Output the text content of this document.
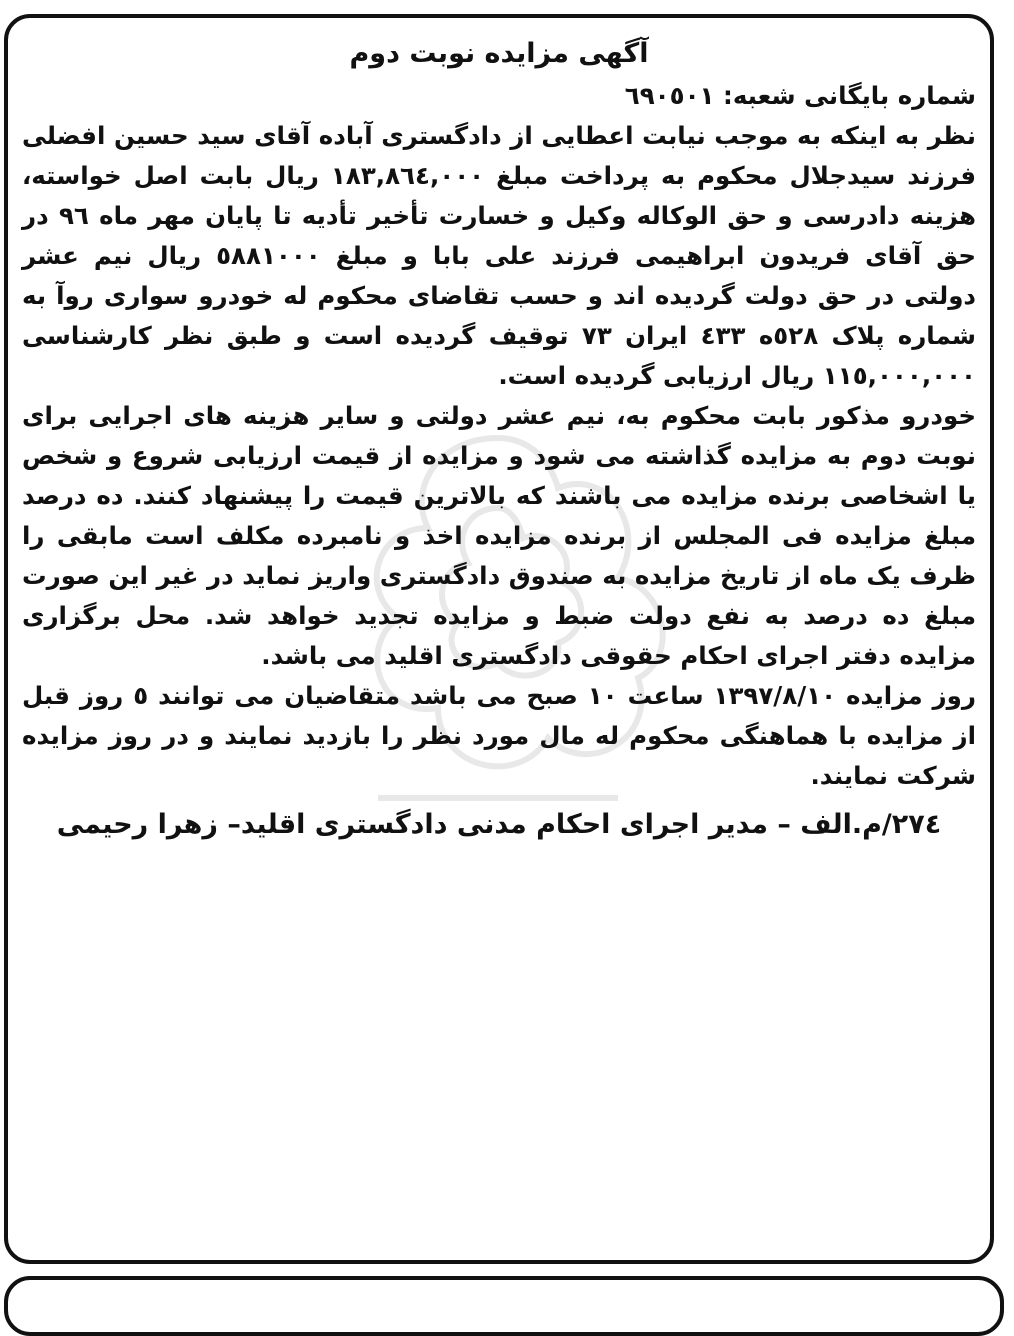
آگهی مزایده نوبت دوم

شماره بایگانی شعبه: ٦٩٠٥٠١

نظر به اینکه به موجب نیابت اعطایی از دادگستری آباده آقای سید حسین افضلی فرزند سیدجلال محکوم به پرداخت مبلغ ١٨٣,٨٦٤,٠٠٠ ریال بابت اصل خواسته، هزینه دادرسی و حق الوکاله وکیل و خسارت تأخیر تأدیه تا پایان مهر ماه ٩٦ در حق آقای فریدون ابراهیمی فرزند علی بابا و مبلغ ٥٨٨١٠٠٠ ریال نیم عشر دولتی در حق دولت گردیده اند و حسب تقاضای محکوم له خودرو سواری روآ به شماره پلاک ٥٢٨ه ٤٣٣ ایران ٧٣ توقیف گردیده است و طبق نظر کارشناسی ١١٥,٠٠٠,٠٠٠ ریال ارزیابی گردیده است.

خودرو مذکور بابت محکوم به، نیم عشر دولتی و سایر هزینه های اجرایی برای نوبت دوم به مزایده گذاشته می شود و مزایده از قیمت ارزیابی شروع و شخص یا اشخاصی برنده مزایده می باشند که بالاترین قیمت را پیشنهاد کنند. ده درصد مبلغ مزایده فی المجلس از برنده مزایده اخذ و نامبرده مکلف است مابقی را ظرف یک ماه از تاریخ مزایده به صندوق دادگستری واریز نماید در غیر این صورت مبلغ ده درصد به نفع دولت ضبط و مزایده تجدید خواهد شد. محل برگزاری مزایده دفتر اجرای احکام حقوقی دادگستری اقلید می باشد.

روز مزایده ١٣٩٧/٨/١٠ ساعت ١٠ صبح می باشد متقاضیان می توانند ٥ روز قبل از مزایده با هماهنگی محکوم له مال مورد نظر را بازدید نمایند و در روز مزایده شرکت نمایند.

٢٧٤/م.الف – مدیر اجرای احکام مدنی دادگستری اقلید– زهرا رحیمی
